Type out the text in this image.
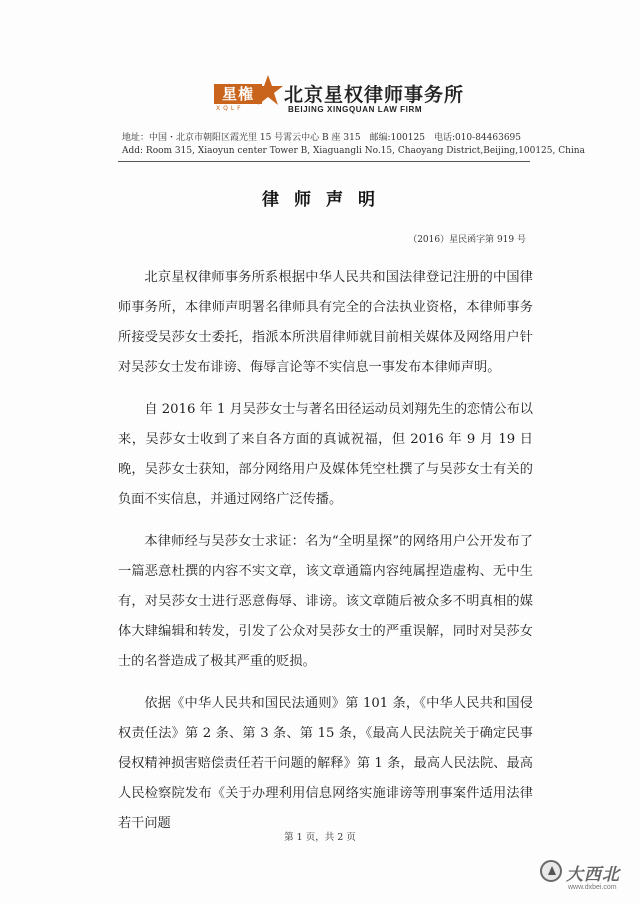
星権
XQLF
北京星权律师事务所
BEIJING XINGQUAN LAW FIRM
地址：中国・北京市朝阳区霞光里 15 号霄云中心 B 座 315　邮编:100125　电话:010-84463695
Add: Room 315, Xiaoyun center Tower B, Xiaguangli No.15, Chaoyang District,Beijing,100125, China
律师声明
（2016）星民函字第 919 号

北京星权律师事务所系根据中华人民共和国法律登记注册的中国律师事务所，本律师声明署名律师具有完全的合法执业资格，本律师事务所接受吴莎女士委托，指派本所洪眉律师就目前相关媒体及网络用户针对吴莎女士发布诽谤、侮辱言论等不实信息一事发布本律师声明。

自 2016 年 1 月吴莎女士与著名田径运动员刘翔先生的恋情公布以来，吴莎女士收到了来自各方面的真诚祝福，但 2016 年 9 月 19 日晚，吴莎女士获知，部分网络用户及媒体凭空杜撰了与吴莎女士有关的负面不实信息，并通过网络广泛传播。

本律师经与吴莎女士求证：名为“全明星探”的网络用户公开发布了一篇恶意杜撰的内容不实文章，该文章通篇内容纯属捏造虚构、无中生有，对吴莎女士进行恶意侮辱、诽谤。该文章随后被众多不明真相的媒体大肆编辑和转发，引发了公众对吴莎女士的严重误解，同时对吴莎女士的名誉造成了极其严重的贬损。

依据《中华人民共和国民法通则》第 101 条，《中华人民共和国侵权责任法》第 2 条、第 3 条、第 15 条，《最高人民法院关于确定民事侵权精神损害赔偿责任若干问题的解释》第 1 条，最高人民法院、最高人民检察院发布《关于办理利用信息网络实施诽谤等刑事案件适用法律若干问题

第 1 页，共 2 页
大西北
www.dxbei.com
